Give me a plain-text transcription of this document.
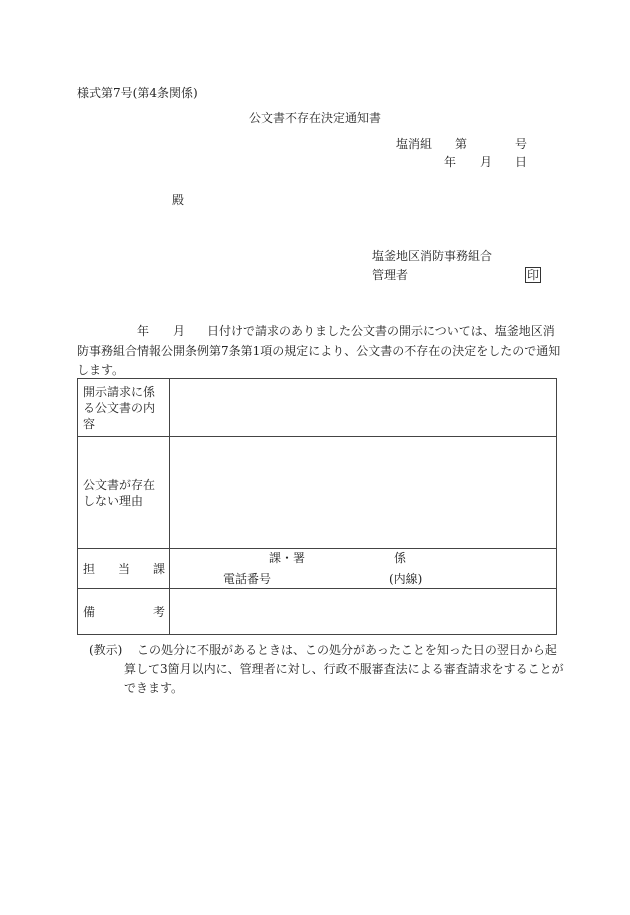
様式第7号(第4条関係)
公文書不存在決定通知書
塩消組 第	号
年 月 日
殿
塩釜地区消防事務組合
管理者	印
年 月 日付けで請求のありました公文書の開示については、塩釜地区消
防事務組合情報公開条例第7条第1項の規定により、公文書の不存在の決定をしたので通知
します。
開示請求に係
る公文書の内
容	

公文書が存在
しない理由	

担 当 課	課・署 係
電話番号 (内線)

備 考	

(教示) この処分に不服があるときは、この処分があったことを知った日の翌日から起
算して3箇月以内に、管理者に対し、行政不服審査法による審査請求をすることが
できます。
